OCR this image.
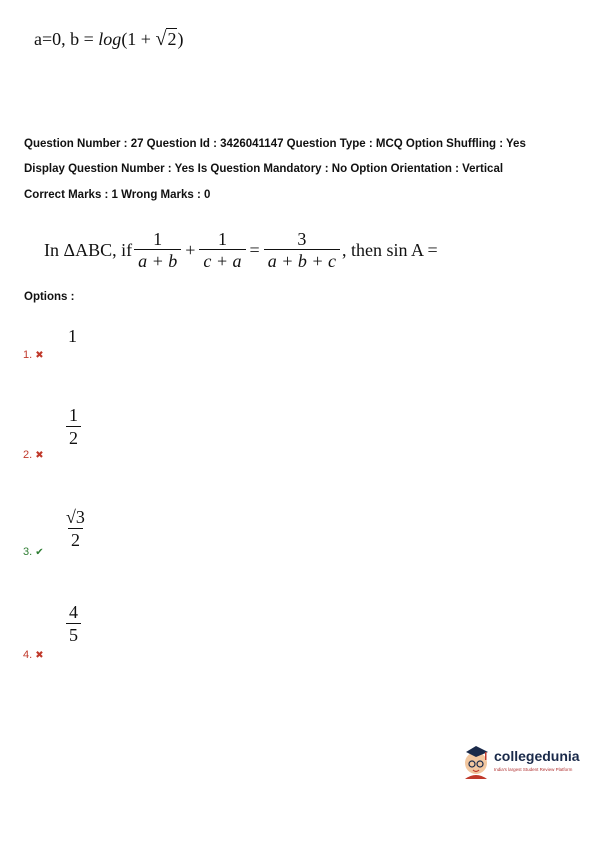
a=0, b = log(1 + √2)
Question Number : 27 Question Id : 3426041147 Question Type : MCQ Option Shuffling : Yes
Display Question Number : Yes Is Question Mandatory : No Option Orientation : Vertical
Correct Marks : 1 Wrong Marks : 0
In ΔABC, if $\frac{1}{a + b} + \frac{1}{c + a} = \frac{3}{a + b + c}$ , then sin A =
Options :
1
1. ✖
$\frac{1}{2}$
2. ✖
$\frac{√3}{2}$
3. ✔
$\frac{4}{5}$
4. ✖
collegedunia
India's largest Student Review Platform
